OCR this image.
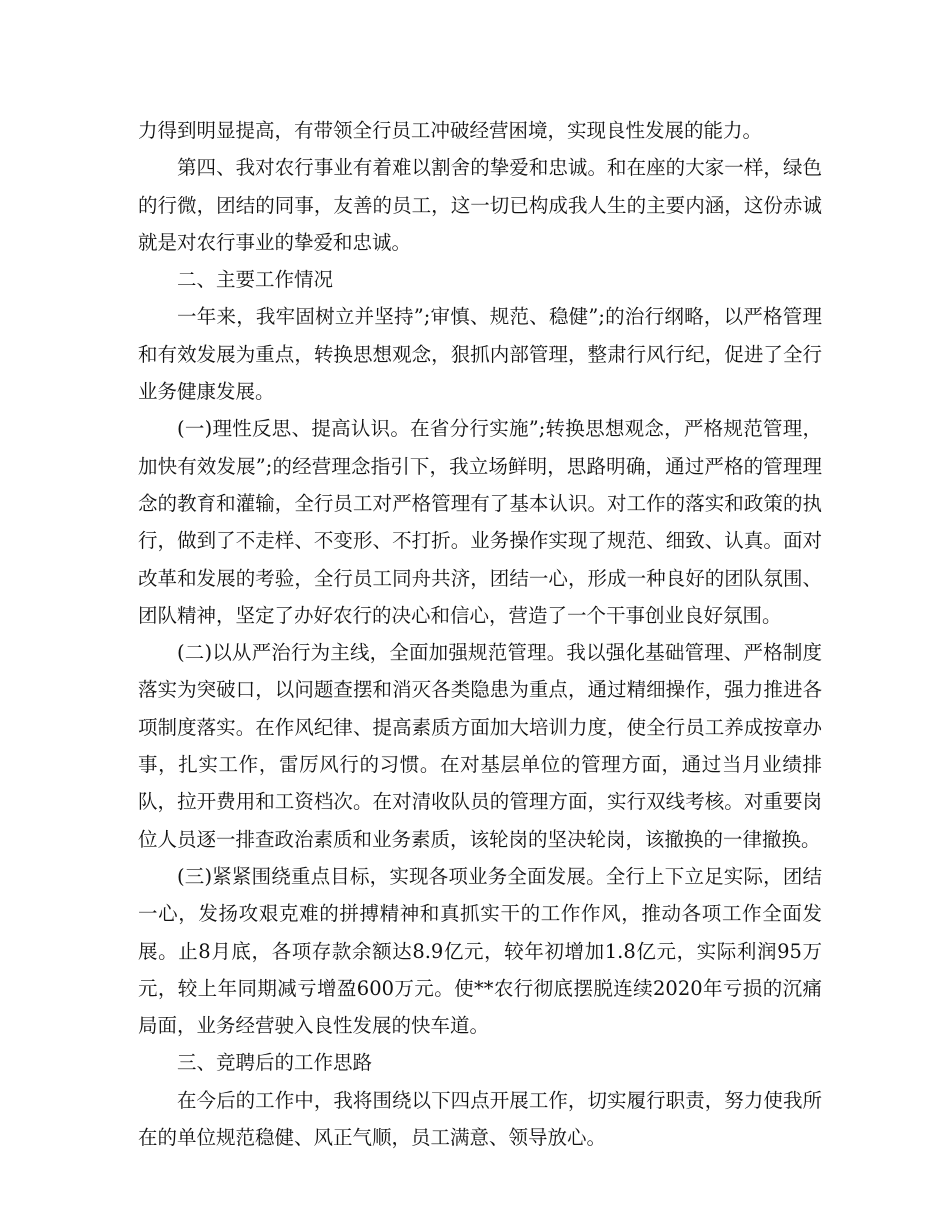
力得到明显提高，有带领全行员工冲破经营困境，实现良性发展的能力。

第四、我对农行事业有着难以割舍的挚爱和忠诚。和在座的大家一样，绿色的行微，团结的同事，友善的员工，这一切已构成我人生的主要内涵，这份赤诚就是对农行事业的挚爱和忠诚。

二、主要工作情况

一年来，我牢固树立并坚持”;审慎、规范、稳健”;的治行纲略，以严格管理和有效发展为重点，转换思想观念，狠抓内部管理，整肃行风行纪，促进了全行业务健康发展。

(一)理性反思、提高认识。在省分行实施”;转换思想观念，严格规范管理，加快有效发展”;的经营理念指引下，我立场鲜明，思路明确，通过严格的管理理念的教育和灌输，全行员工对严格管理有了基本认识。对工作的落实和政策的执行，做到了不走样、不变形、不打折。业务操作实现了规范、细致、认真。面对改革和发展的考验，全行员工同舟共济，团结一心，形成一种良好的团队氛围、团队精神，坚定了办好农行的决心和信心，营造了一个干事创业良好氛围。

(二)以从严治行为主线，全面加强规范管理。我以强化基础管理、严格制度落实为突破口，以问题查摆和消灭各类隐患为重点，通过精细操作，强力推进各项制度落实。在作风纪律、提高素质方面加大培训力度，使全行员工养成按章办事，扎实工作，雷厉风行的习惯。在对基层单位的管理方面，通过当月业绩排队，拉开费用和工资档次。在对清收队员的管理方面，实行双线考核。对重要岗位人员逐一排查政治素质和业务素质，该轮岗的坚决轮岗，该撤换的一律撤换。

(三)紧紧围绕重点目标，实现各项业务全面发展。全行上下立足实际，团结一心，发扬攻艰克难的拼搏精神和真抓实干的工作作风，推动各项工作全面发展。止8月底，各项存款余额达8.9亿元，较年初增加1.8亿元，实际利润95万元，较上年同期减亏增盈600万元。使**农行彻底摆脱连续2020年亏损的沉痛局面，业务经营驶入良性发展的快车道。

三、竞聘后的工作思路

在今后的工作中，我将围绕以下四点开展工作，切实履行职责，努力使我所在的单位规范稳健、风正气顺，员工满意、领导放心。
